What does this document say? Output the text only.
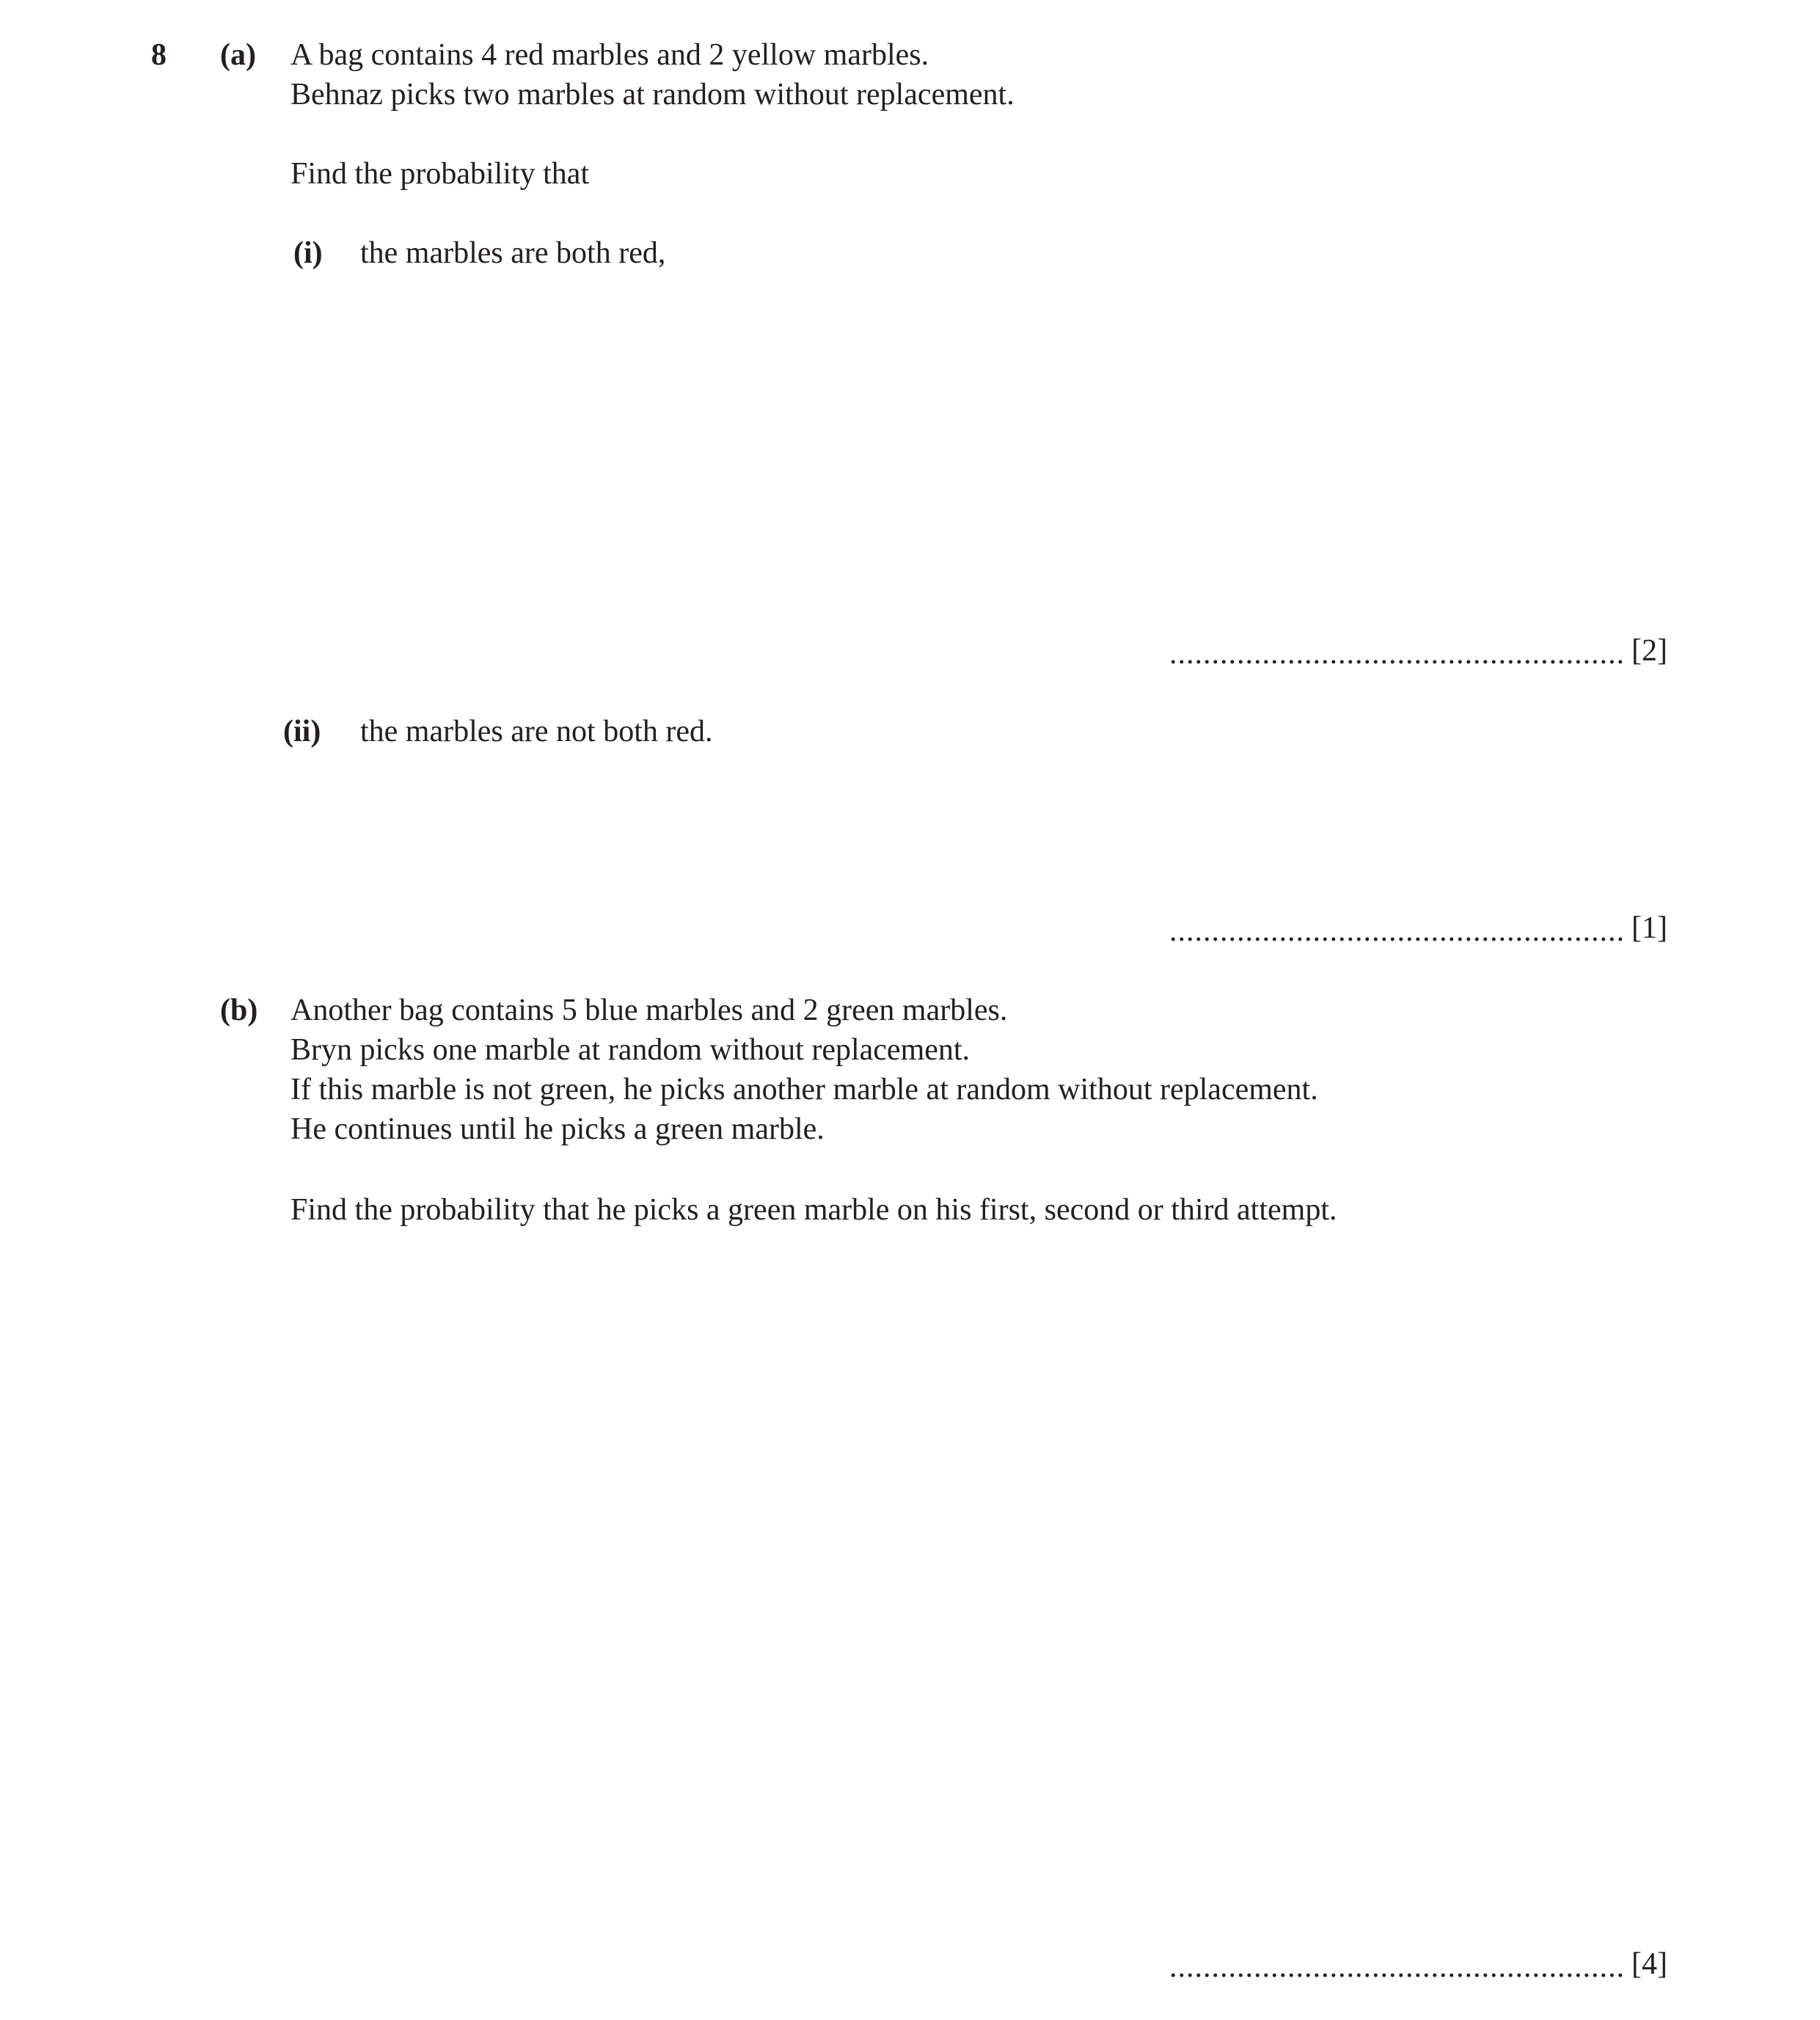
8 (a) A bag contains 4 red marbles and 2 yellow marbles.
Behnaz picks two marbles at random without replacement.
Find the probability that
(i) the marbles are both red,
...................................................... [2]
(ii) the marbles are not both red.
...................................................... [1]
(b) Another bag contains 5 blue marbles and 2 green marbles.
Bryn picks one marble at random without replacement.
If this marble is not green, he picks another marble at random without replacement.
He continues until he picks a green marble.
Find the probability that he picks a green marble on his first, second or third attempt.
...................................................... [4]
